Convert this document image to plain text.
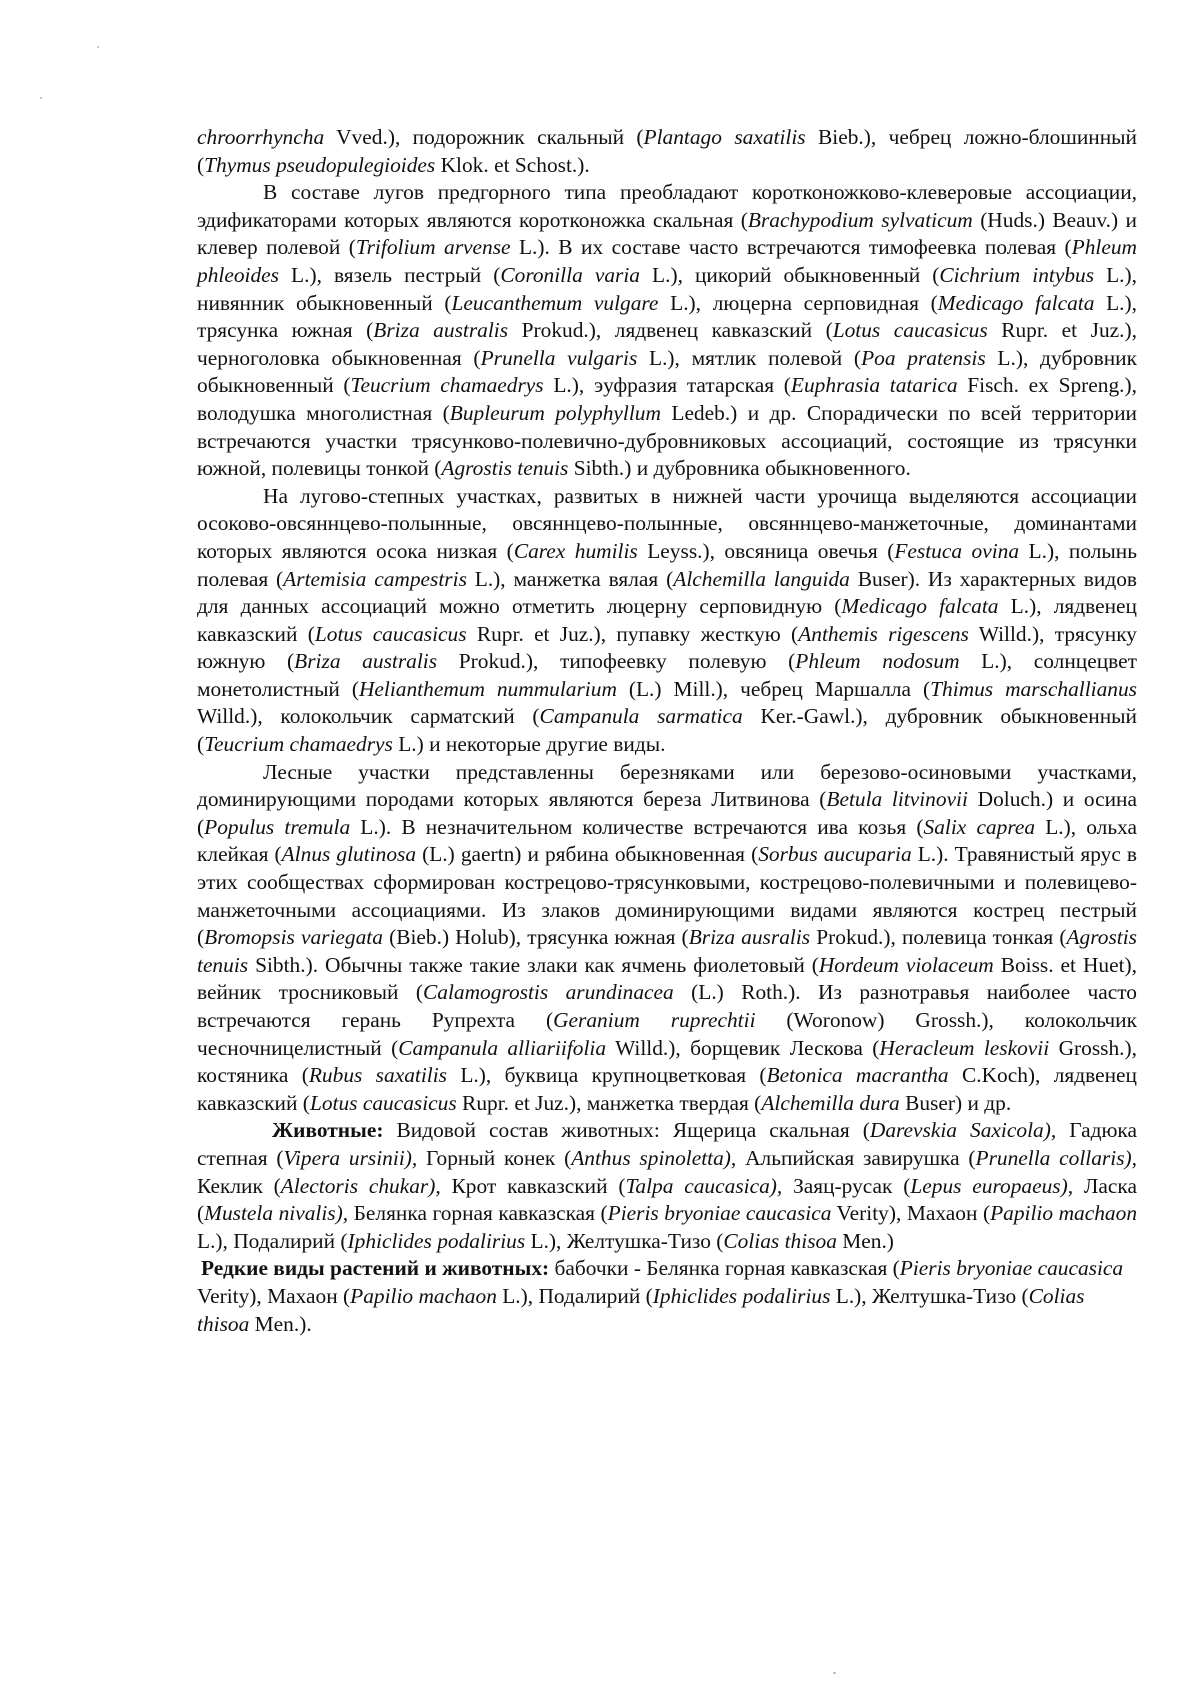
chroorrhyncha Vved.), подорожник скальный (Plantago saxatilis Bieb.), чебрец ложно-блошинный (Thymus pseudopulegioides Klok. et Schost.).

В составе лугов предгорного типа преобладают коротконожково-клеверовые ассоциации, эдификаторами которых являются коротконожка скальная (Brachypodium sylvaticum (Huds.) Beauv.) и клевер полевой (Trifolium arvense L.). В их составе часто встречаются тимофеевка полевая (Phleum phleoides L.), вязель пестрый (Coronilla varia L.), цикорий обыкновенный (Cichrium intybus L.), нивянник обыкновенный (Leucanthemum vulgare L.), люцерна серповидная (Medicago falcata L.), трясунка южная (Briza australis Prokud.), лядвенец кавказский (Lotus caucasicus Rupr. et Juz.), черноголовка обыкновенная (Prunella vulgaris L.), мятлик полевой (Poa pratensis L.), дубровник обыкновенный (Teucrium chamaedrys L.), эуфразия татарская (Euphrasia tatarica Fisch. ex Spreng.), володушка многолистная (Bupleurum polyphyllum Ledeb.) и др. Спорадически по всей территории встречаются участки трясунково-полевично-дубровниковых ассоциаций, состоящие из трясунки южной, полевицы тонкой (Agrostis tenuis Sibth.) и дубровника обыкновенного.

На лугово-степных участках, развитых в нижней части урочища выделяются ассоциации осоково-овсяннцево-полынные, овсяннцево-полынные, овсяннцево-манжеточные, доминантами которых являются осока низкая (Carex humilis Leyss.), овсяница овечья (Festuca ovina L.), полынь полевая (Artemisia campestris L.), манжетка вялая (Alchemilla languida Buser). Из характерных видов для данных ассоциаций можно отметить люцерну серповидную (Medicago falcata L.), лядвенец кавказский (Lotus caucasicus Rupr. et Juz.), пупавку жесткую (Anthemis rigescens Willd.), трясунку южную (Briza australis Prokud.), типофеевку полевую (Phleum nodosum L.), солнцецвет монетолистный (Helianthemum nummularium (L.) Mill.), чебрец Маршалла (Thimus marschallianus Willd.), колокольчик сарматский (Campanula sarmatica Ker.-Gawl.), дубровник обыкновенный (Teucrium chamaedrys L.) и некоторые другие виды.

Лесные участки представленны березняками или березово-осиновыми участками, доминирующими породами которых являются береза Литвинова (Betula litvinovii Doluch.) и осина (Populus tremula L.). В незначительном количестве встречаются ива козья (Salix caprea L.), ольха клейкая (Alnus glutinosa (L.) gaertn) и рябина обыкновенная (Sorbus aucuparia L.). Травянистый ярус в этих сообществах сформирован кострецово-трясунковыми, кострецово-полевичными и полевицево-манжеточными ассоциациями. Из злаков доминирующими видами являются кострец пестрый (Bromopsis variegata (Bieb.) Holub), трясунка южная (Briza ausralis Prokud.), полевица тонкая (Agrostis tenuis Sibth.). Обычны также такие злаки как ячмень фиолетовый (Hordeum violaceum Boiss. et Huet), вейник тросниковый (Calamogrostis arundinacea (L.) Roth.). Из разнотравья наиболее часто встречаются герань Рупрехта (Geranium ruprechtii (Woronow) Grossh.), колокольчик чесночницелистный (Campanula alliariifolia Willd.), борщевик Лескова (Heracleum leskovii Grossh.), костяника (Rubus saxatilis L.), буквица крупноцветковая (Betonica macrantha C.Koch), лядвенец кавказский (Lotus caucasicus Rupr. et Juz.), манжетка твердая (Alchemilla dura Buser) и др.

Животные: Видовой состав животных: Ящерица скальная (Darevskia Saxicola), Гадюка степная (Vipera ursinii), Горный конек (Anthus spinoletta), Альпийская завирушка (Prunella collaris), Кеклик (Alectoris chukar), Крот кавказский (Talpa caucasica), Заяц-русак (Lepus europaeus), Ласка (Mustela nivalis), Белянка горная кавказская (Pieris bryoniae caucasica Verity), Махаон (Papilio machaon L.), Подалирий (Iphiclides podalirius L.), Желтушка-Тизо (Colias thisoa Men.)

Редкие виды растений и животных: бабочки - Белянка горная кавказская (Pieris bryoniae caucasica Verity), Махаон (Papilio machaon L.), Подалирий (Iphiclides podalirius L.), Желтушка-Тизо (Colias thisoa Men.).
